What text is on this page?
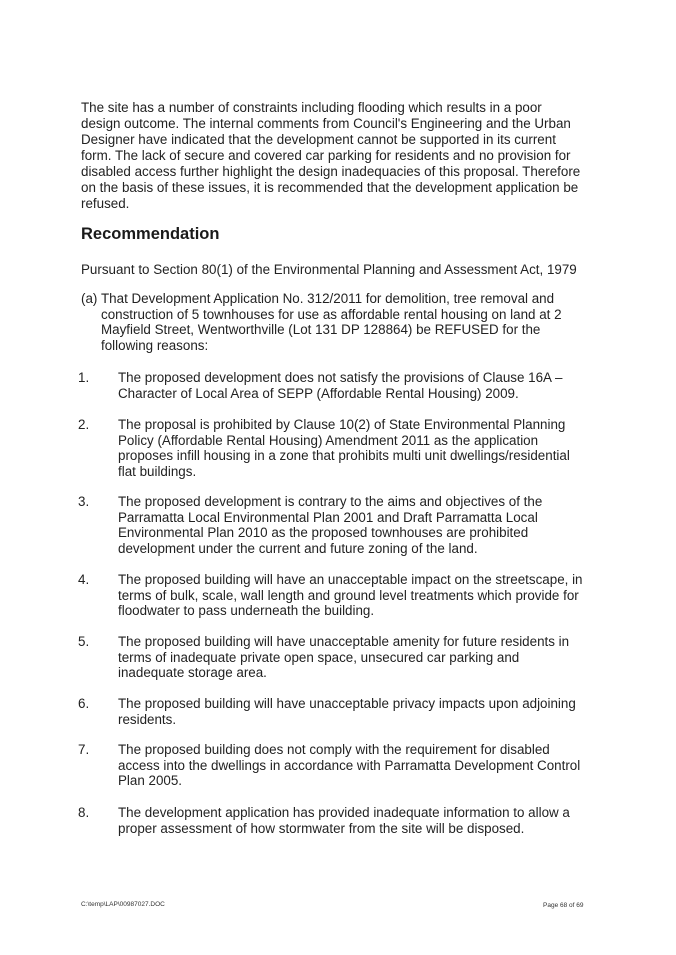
The site has a number of constraints including flooding which results in a poor design outcome. The internal comments from Council's Engineering and the Urban Designer have indicated that the development cannot be supported in its current form. The lack of secure and covered car parking for residents and no provision for disabled access further highlight the design inadequacies of this proposal. Therefore on the basis of these issues, it is recommended that the development application be refused.

Recommendation

Pursuant to Section 80(1) of the Environmental Planning and Assessment Act, 1979

(a) That Development Application No. 312/2011 for demolition, tree removal and construction of 5 townhouses for use as affordable rental housing on land at 2 Mayfield Street, Wentworthville (Lot 131 DP 128864) be REFUSED for the following reasons:
1.	The proposed development does not satisfy the provisions of Clause 16A – Character of Local Area of SEPP (Affordable Rental Housing) 2009.
2.	The proposal is prohibited by Clause 10(2) of State Environmental Planning Policy (Affordable Rental Housing) Amendment 2011 as the application proposes infill housing in a zone that prohibits multi unit dwellings/residential flat buildings.
3.	The proposed development is contrary to the aims and objectives of the Parramatta Local Environmental Plan 2001 and Draft Parramatta Local Environmental Plan 2010 as the proposed townhouses are prohibited development under the current and future zoning of the land.
4.	The proposed building will have an unacceptable impact on the streetscape, in terms of bulk, scale, wall length and ground level treatments which provide for floodwater to pass underneath the building.
5.	The proposed building will have unacceptable amenity for future residents in terms of inadequate private open space, unsecured car parking and inadequate storage area.
6.	The proposed building will have unacceptable privacy impacts upon adjoining residents.
7.	The proposed building does not comply with the requirement for disabled access into the dwellings in accordance with Parramatta Development Control Plan 2005.
8.	The development application has provided inadequate information to allow a proper assessment of how stormwater from the site will be disposed.
C:\temp\LAP\00987027.DOC	Page 68 of 69
